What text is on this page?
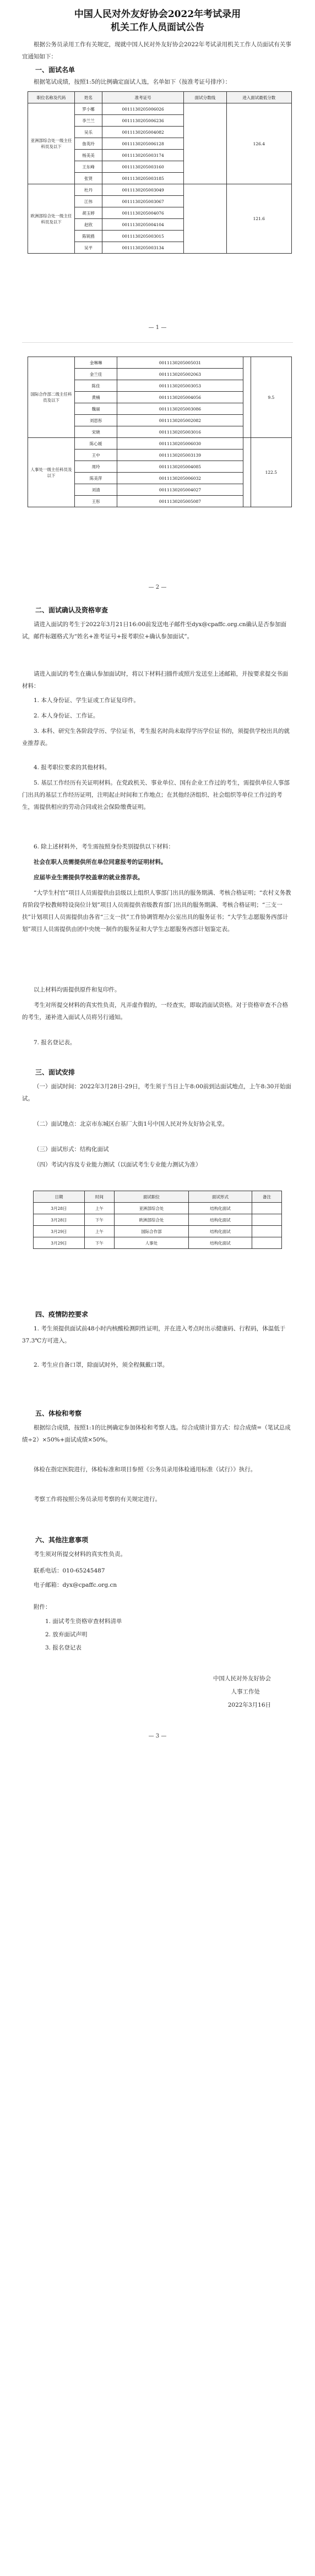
中国人民对外友好协会2022年考试录用
机关工作人员面试公告
根据公务员录用工作有关规定，现就中国人民对外友好协会2022年考试录用机关工作人员面试有关事宜通知如下：
一、面试名单
根据笔试成绩，按照1:5的比例确定面试人选，名单如下（按准考证号排序）：
职位名称及代码	姓名	准考证号	面试分数线	进入面试最低分数
亚洲部综合处一级主任科员及以下	罗小娜	0011130205006026		126.4
	李兰兰	0011130205006236		
	吴乐	0011130205004082		
	詹英玲	0011130205006128		
	杨美美	0011130205003174		
	王东峰	0011130205003160		
	张贤	0011130205003185		
欧洲部综合处一级主任科员及以下	杜丹	0011130205003049		121.6
	江伟	0011130205003067		
	胡玉婷	0011130205004076		
	赵欣	0011130205004104		
	陈锐鸥	0011130205003015		
	吴平	0011130205003134		
— 1 —
国际合作部二级主任科员及以下	金琳琳	0011130205005031		9.5
	金兰佳	0011130205002063		
	陈佳	0011130205003053		
	黄楠	0011130205004056		
	魏丽	0011130205003086		
	刘思彤	0011130205002082		
	宋晓	0011130205003016		
人事处一级主任科员及以下	陈心媛	0011130205006030		122.5
	王中	0011130205003139		
	周玲	0011130205004085		
	陈美萍	0011130205006032		
	刘清	0011130205004027		
	王彤	0011130205005087		
— 2 —
二、面试确认及资格审查
请进入面试的考生于2022年3月21日16:00前发送电子邮件至dyx@cpaffc.org.cn确认是否参加面试，邮件标题格式为“姓名+准考证号+报考职位+确认参加面试”。
请进入面试的考生在确认参加面试时，将以下材料扫描件或照片发送至上述邮箱，并按要求提交书面材料：
1. 本人身份证、学生证或工作证复印件。
2. 本人身份证、工作证。
3. 本科、研究生各阶段学历、学位证书，考生报名时尚未取得学历学位证书的，须提供学校出具的就业推荐表。
4. 报考职位要求的其他材料。
5. 基层工作经历有关证明材料。在党政机关、事业单位、国有企业工作过的考生，需提供单位人事部门出具的基层工作经历证明，注明起止时间和工作地点；在其他经济组织、社会组织等单位工作过的考生，需提供相应的劳动合同或社会保险缴费证明。
6. 除上述材料外，考生需按照身份类别提供以下材料：
社会在职人员需提供所在单位同意报考的证明材料。
应届毕业生需提供学校盖章的就业推荐表。
“大学生村官”项目人员需提供由县级以上组织人事部门出具的服务期满、考核合格证明；“农村义务教育阶段学校教师特设岗位计划”项目人员需提供省级教育部门出具的服务期满、考核合格证明；“三支一扶”计划项目人员需提供由各省“三支一扶”工作协调管理办公室出具的服务证书；“大学生志愿服务西部计划”项目人员需提供由团中央统一制作的服务证和大学生志愿服务西部计划鉴定表。
以上材料均需提供原件和复印件。
考生对所提交材料的真实性负责，凡弄虚作假的，一经查实，即取消面试资格。对于资格审查不合格的考生，递补进入面试人员将另行通知。
7. 报名登记表。
三、面试安排
（一）面试时间：2022年3月28日-29日，考生须于当日上午8:00前到达面试地点，上午8:30开始面试。
（二）面试地点：北京市东城区台基厂大街1号中国人民对外友好协会礼堂。
（三）面试形式：结构化面试
（四）考试内容及专业能力测试（以面试考生专业能力测试为准）
日期	时间	面试职位	面试形式	备注
3月28日	上午	亚洲部综合处	结构化面试	
3月28日	下午	欧洲部综合处	结构化面试	
3月29日	上午	国际合作部	结构化面试	
3月29日	下午	人事处	结构化面试	
四、疫情防控要求
1. 考生须提供面试前48小时内核酸检测阴性证明，并在进入考点时出示健康码、行程码，体温低于37.3℃方可进入。
2. 考生应自备口罩，除面试时外，须全程佩戴口罩。
五、体检和考察
根据综合成绩，按照1:1的比例确定参加体检和考察人选。综合成绩计算方式：综合成绩=（笔试总成绩÷2）×50%+面试成绩×50%。
体检在指定医院进行，体检标准和项目参照《公务员录用体检通用标准（试行）》执行。
考察工作将按照公务员录用考察的有关规定进行。
六、其他注意事项
考生须对所提交材料的真实性负责。
联系电话：010-65245487
电子邮箱：dyx@cpaffc.org.cn
附件：
1. 面试考生资格审查材料清单
2. 放弃面试声明
3. 报名登记表
中国人民对外友好协会
人事工作处
2022年3月16日
— 3 —
